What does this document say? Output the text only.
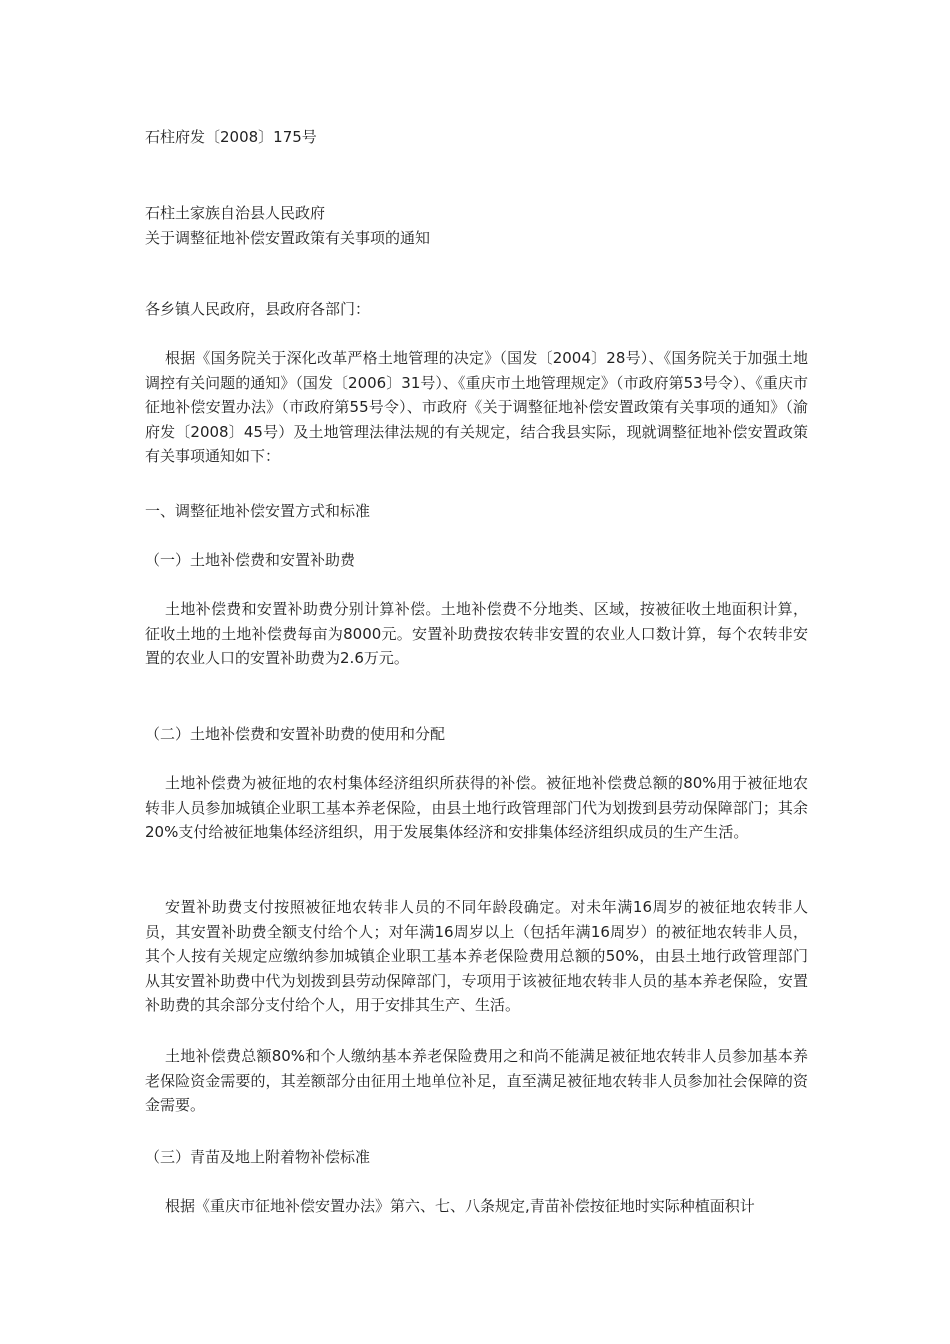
石柱府发〔2008〕175号
石柱土家族自治县人民政府
关于调整征地补偿安置政策有关事项的通知
各乡镇人民政府，县政府各部门：
根据《国务院关于深化改革严格土地管理的决定》（国发〔2004〕28号）、《国务院关于加强土地调控有关问题的通知》（国发〔2006〕31号）、《重庆市土地管理规定》（市政府第53号令）、《重庆市征地补偿安置办法》（市政府第55号令）、市政府《关于调整征地补偿安置政策有关事项的通知》（渝府发〔2008〕45号）及土地管理法律法规的有关规定，结合我县实际，现就调整征地补偿安置政策有关事项通知如下：
一、调整征地补偿安置方式和标准
（一）土地补偿费和安置补助费
土地补偿费和安置补助费分别计算补偿。土地补偿费不分地类、区域，按被征收土地面积计算，征收土地的土地补偿费每亩为8000元。安置补助费按农转非安置的农业人口数计算，每个农转非安置的农业人口的安置补助费为2.6万元。
（二）土地补偿费和安置补助费的使用和分配
土地补偿费为被征地的农村集体经济组织所获得的补偿。被征地补偿费总额的80%用于被征地农转非人员参加城镇企业职工基本养老保险，由县土地行政管理部门代为划拨到县劳动保障部门；其余20%支付给被征地集体经济组织，用于发展集体经济和安排集体经济组织成员的生产生活。
安置补助费支付按照被征地农转非人员的不同年龄段确定。对未年满16周岁的被征地农转非人员，其安置补助费全额支付给个人；对年满16周岁以上（包括年满16周岁）的被征地农转非人员，其个人按有关规定应缴纳参加城镇企业职工基本养老保险费用总额的50%，由县土地行政管理部门从其安置补助费中代为划拨到县劳动保障部门，专项用于该被征地农转非人员的基本养老保险，安置补助费的其余部分支付给个人，用于安排其生产、生活。
土地补偿费总额80%和个人缴纳基本养老保险费用之和尚不能满足被征地农转非人员参加基本养老保险资金需要的，其差额部分由征用土地单位补足，直至满足被征地农转非人员参加社会保障的资金需要。
（三）青苗及地上附着物补偿标准
根据《重庆市征地补偿安置办法》第六、七、八条规定,青苗补偿按征地时实际种植面积计
